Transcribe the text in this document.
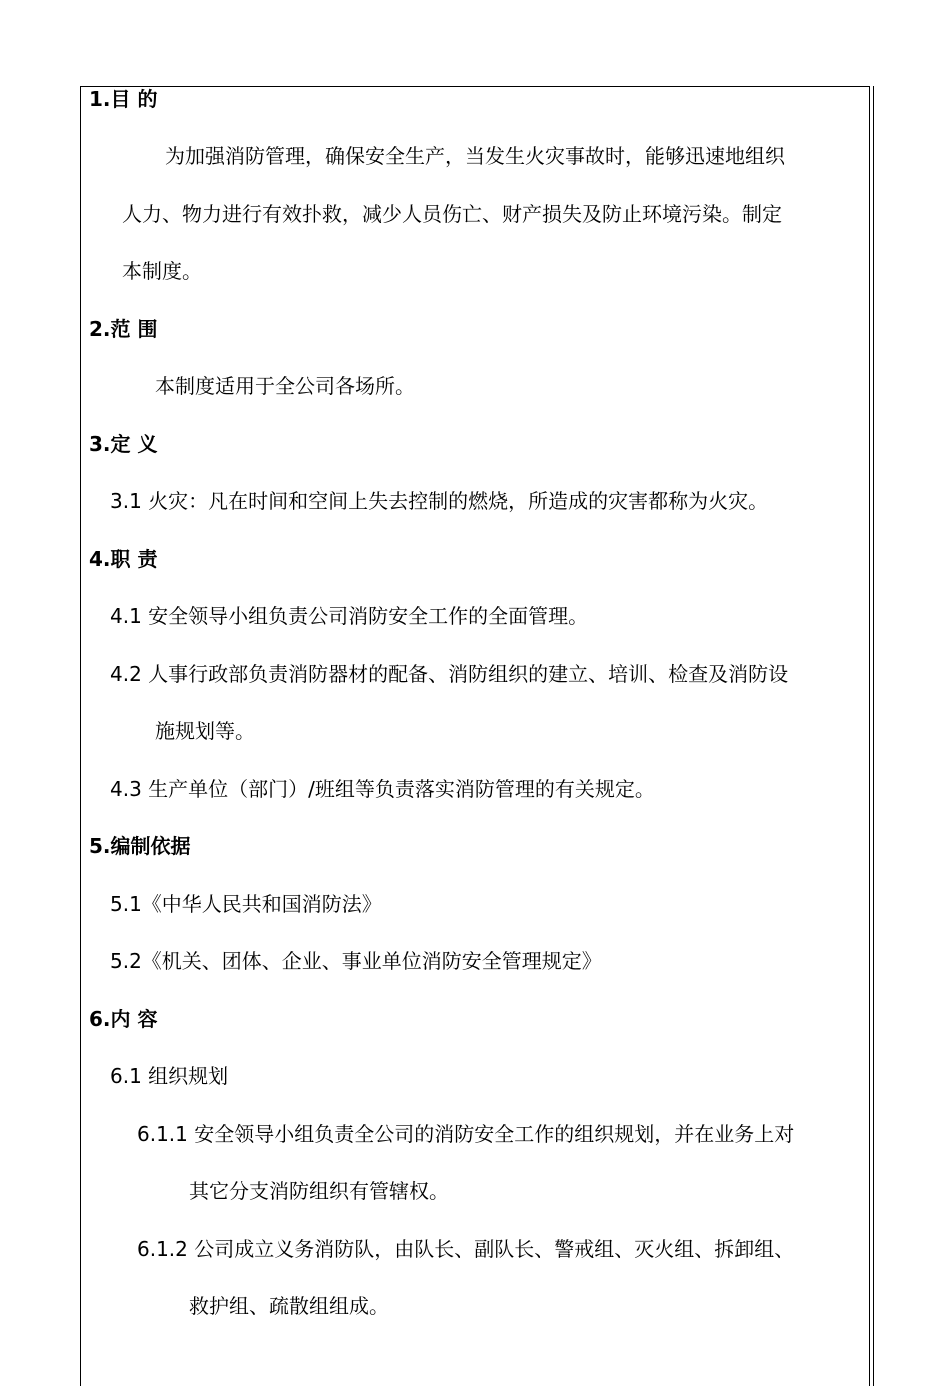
1.目 的
为加强消防管理，确保安全生产，当发生火灾事故时，能够迅速地组织
人力、物力进行有效扑救，减少人员伤亡、财产损失及防止环境污染。制定
本制度。
2.范 围
本制度适用于全公司各场所。
3.定 义
3.1 火灾：凡在时间和空间上失去控制的燃烧，所造成的灾害都称为火灾。
4.职 责
4.1 安全领导小组负责公司消防安全工作的全面管理。
4.2 人事行政部负责消防器材的配备、消防组织的建立、培训、检查及消防设
施规划等。
4.3 生产单位（部门）/班组等负责落实消防管理的有关规定。
5.编制依据
5.1《中华人民共和国消防法》
5.2《机关、团体、企业、事业单位消防安全管理规定》
6.内 容
6.1 组织规划
6.1.1 安全领导小组负责全公司的消防安全工作的组织规划，并在业务上对
其它分支消防组织有管辖权。
6.1.2 公司成立义务消防队，由队长、副队长、警戒组、灭火组、拆卸组、
救护组、疏散组组成。
